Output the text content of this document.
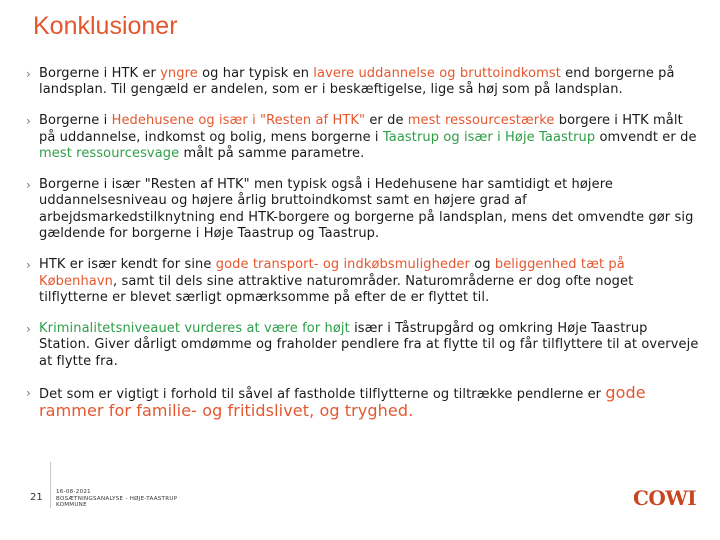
Konklusioner
› Borgerne i HTK er yngre og har typisk en lavere uddannelse og bruttoindkomst end borgerne på landsplan. Til gengæld er andelen, som er i beskæftigelse, lige så høj som på landsplan.
› Borgerne i Hedehusene og især i "Resten af HTK" er de mest ressourcestærke borgere i HTK målt på uddannelse, indkomst og bolig, mens borgerne i Taastrup og især i Høje Taastrup omvendt er de mest ressourcesvage målt på samme parametre.
› Borgerne i især "Resten af HTK" men typisk også i Hedehusene har samtidigt et højere uddannelsesniveau og højere årlig bruttoindkomst samt en højere grad af arbejdsmarkedstilknytning end HTK-borgere og borgerne på landsplan, mens det omvendte gør sig gældende for borgerne i Høje Taastrup og Taastrup.
› HTK er især kendt for sine gode transport- og indkøbsmuligheder og beliggenhed tæt på København, samt til dels sine attraktive naturområder. Naturområderne er dog ofte noget tilflytterne er blevet særligt opmærksomme på efter de er flyttet til.
› Kriminalitetsniveauet vurderes at være for højt især i Tåstrupgård og omkring Høje Taastrup Station. Giver dårligt omdømme og fraholder pendlere fra at flytte til og får tilflyttere til at overveje at flytte fra.
› Det som er vigtigt i forhold til såvel af fastholde tilflytterne og tiltrække pendlerne er gode rammer for familie- og fritidslivet, og tryghed.
21 16-08-2021
BOSÆTNINGSANALYSE - HØJE-TAASTRUP
KOMMUNE	COWI
